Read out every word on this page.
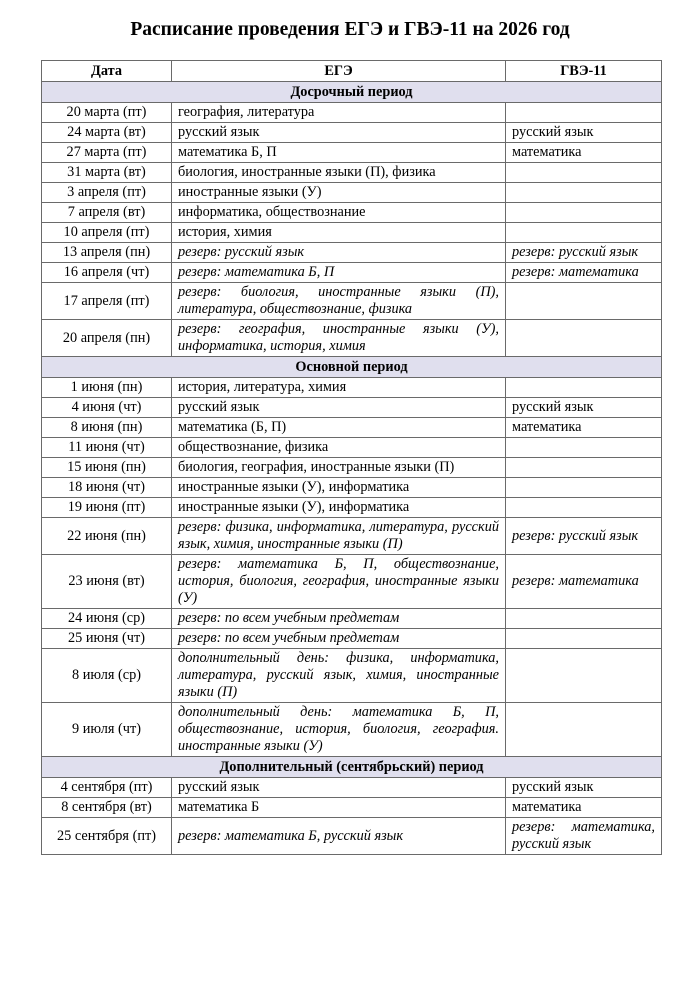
Расписание проведения ЕГЭ и ГВЭ-11 на 2026 год
Дата	ЕГЭ	ГВЭ-11
Досрочный период		
20 марта (пт)	география, литература	
24 марта (вт)	русский язык	русский язык
27 марта (пт)	математика Б, П	математика
31 марта (вт)	биология, иностранные языки (П), физика	
3 апреля (пт)	иностранные языки (У)	
7 апреля (вт)	информатика, обществознание	
10 апреля (пт)	история, химия	
13 апреля (пн)	резерв: русский язык	резерв: русский язык
16 апреля (чт)	резерв: математика Б, П	резерв: математика
17 апреля (пт)	резерв: биология, иностранные языки (П), литература, обществознание, физика	
20 апреля (пн)	резерв: география, иностранные языки (У), информатика, история, химия	
Основной период		
1 июня (пн)	история, литература, химия	
4 июня (чт)	русский язык	русский язык
8 июня (пн)	математика (Б, П)	математика
11 июня (чт)	обществознание, физика	
15 июня (пн)	биология, география, иностранные языки (П)	
18 июня (чт)	иностранные языки (У), информатика	
19 июня (пт)	иностранные языки (У), информатика	
22 июня (пн)	резерв: физика, информатика, литература, русский язык, химия, иностранные языки (П)	резерв: русский язык
23 июня (вт)	резерв: математика Б, П, обществознание, история, биология, география, иностранные языки (У)	резерв: математика
24 июня (ср)	резерв: по всем учебным предметам	
25 июня (чт)	резерв: по всем учебным предметам	
8 июля (ср)	дополнительный день: физика, информатика, литература, русский язык, химия, иностранные языки (П)	
9 июля (чт)	дополнительный день: математика Б, П, обществознание, история, биология, география. иностранные языки (У)	
Дополнительный (сентябрьский) период		
4 сентября (пт)	русский язык	русский язык
8 сентября (вт)	математика Б	математика
25 сентября (пт)	резерв: математика Б, русский язык	резерв: математика, русский язык
